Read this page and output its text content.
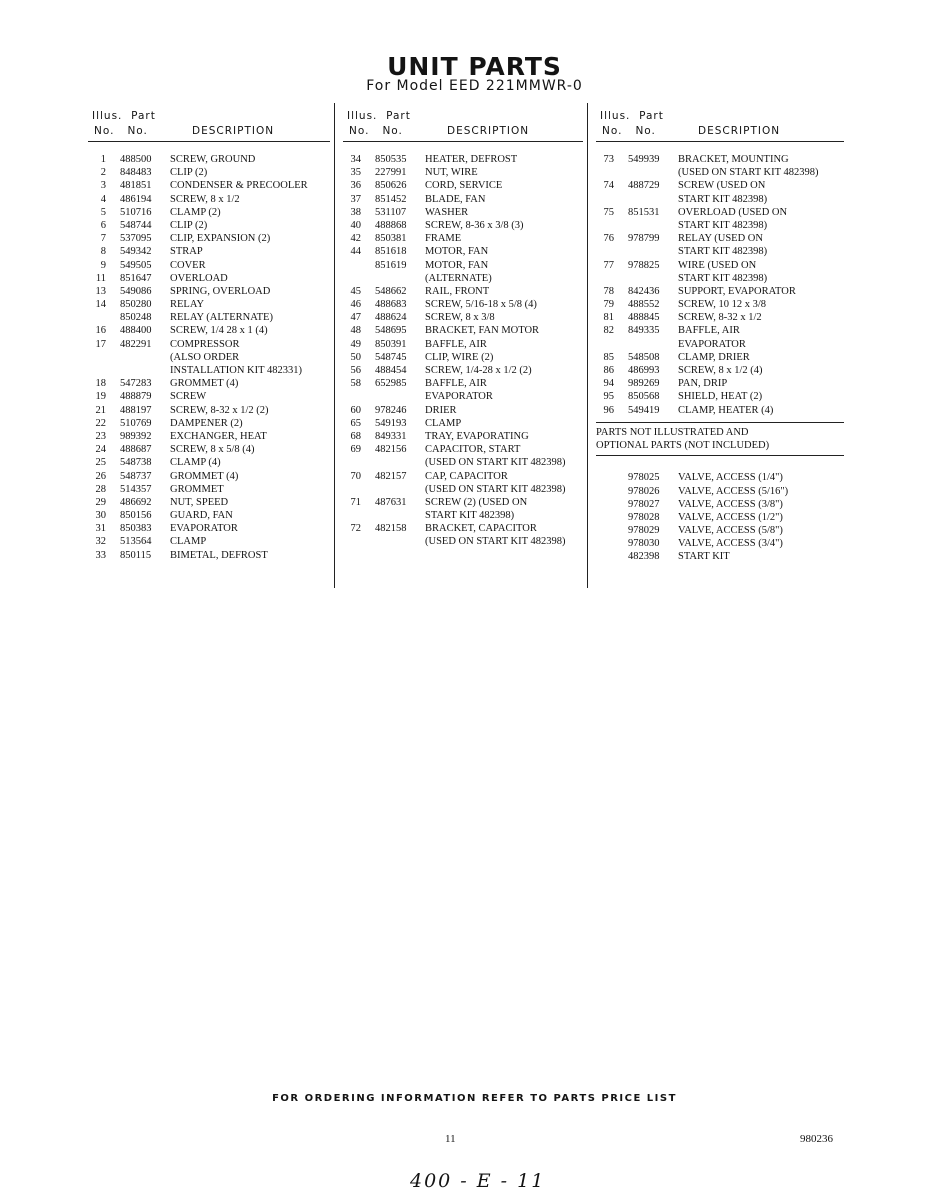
UNIT PARTS
For Model EED 221MMWR-0
Illus. Part
No. No.	DESCRIPTION
1 488500 SCREW, GROUND
2 848483 CLIP (2)
3 481851 CONDENSER & PRECOOLER
4 486194 SCREW, 8 x 1/2
5 510716 CLAMP (2)
6 548744 CLIP (2)
7 537095 CLIP, EXPANSION (2)
8 549342 STRAP
9 549505 COVER
11 851647 OVERLOAD
13 549086 SPRING, OVERLOAD
14 850280 RELAY
850248 RELAY (ALTERNATE)
16 488400 SCREW, 1/4 28 x 1 (4)
17 482291 COMPRESSOR
(ALSO ORDER
INSTALLATION KIT 482331)
18 547283 GROMMET (4)
19 488879 SCREW
21 488197 SCREW, 8-32 x 1/2 (2)
22 510769 DAMPENER (2)
23 989392 EXCHANGER, HEAT
24 488687 SCREW, 8 x 5/8 (4)
25 548738 CLAMP (4)
26 548737 GROMMET (4)
28 514357 GROMMET
29 486692 NUT, SPEED
30 850156 GUARD, FAN
31 850383 EVAPORATOR
32 513564 CLAMP
33 850115 BIMETAL, DEFROST
Illus. Part
No. No.	DESCRIPTION
34 850535 HEATER, DEFROST
35 227991 NUT, WIRE
36 850626 CORD, SERVICE
37 851452 BLADE, FAN
38 531107 WASHER
40 488868 SCREW, 8-36 x 3/8 (3)
42 850381 FRAME
44 851618 MOTOR, FAN
851619 MOTOR, FAN
(ALTERNATE)
45 548662 RAIL, FRONT
46 488683 SCREW, 5/16-18 x 5/8 (4)
47 488624 SCREW, 8 x 3/8
48 548695 BRACKET, FAN MOTOR
49 850391 BAFFLE, AIR
50 548745 CLIP, WIRE (2)
56 488454 SCREW, 1/4-28 x 1/2 (2)
58 652985 BAFFLE, AIR
EVAPORATOR
60 978246 DRIER
65 549193 CLAMP
68 849331 TRAY, EVAPORATING
69 482156 CAPACITOR, START
(USED ON START KIT 482398)
70 482157 CAP, CAPACITOR
(USED ON START KIT 482398)
71 487631 SCREW (2) (USED ON
START KIT 482398)
72 482158 BRACKET, CAPACITOR
(USED ON START KIT 482398)
Illus. Part
No. No.	DESCRIPTION
73 549939 BRACKET, MOUNTING
(USED ON START KIT 482398)
74 488729 SCREW (USED ON
START KIT 482398)
75 851531 OVERLOAD (USED ON
START KIT 482398)
76 978799 RELAY (USED ON
START KIT 482398)
77 978825 WIRE (USED ON
START KIT 482398)
78 842436 SUPPORT, EVAPORATOR
79 488552 SCREW, 10 12 x 3/8
81 488845 SCREW, 8-32 x 1/2
82 849335 BAFFLE, AIR
EVAPORATOR
85 548508 CLAMP, DRIER
86 486993 SCREW, 8 x 1/2 (4)
94 989269 PAN, DRIP
95 850568 SHIELD, HEAT (2)
96 549419 CLAMP, HEATER (4)
PARTS NOT ILLUSTRATED AND
OPTIONAL PARTS (NOT INCLUDED)
978025 VALVE, ACCESS (1/4")
978026 VALVE, ACCESS (5/16")
978027 VALVE, ACCESS (3/8")
978028 VALVE, ACCESS (1/2")
978029 VALVE, ACCESS (5/8")
978030 VALVE, ACCESS (3/4")
482398 START KIT
FOR ORDERING INFORMATION REFER TO PARTS PRICE LIST
11	980236
400 - E - 11
